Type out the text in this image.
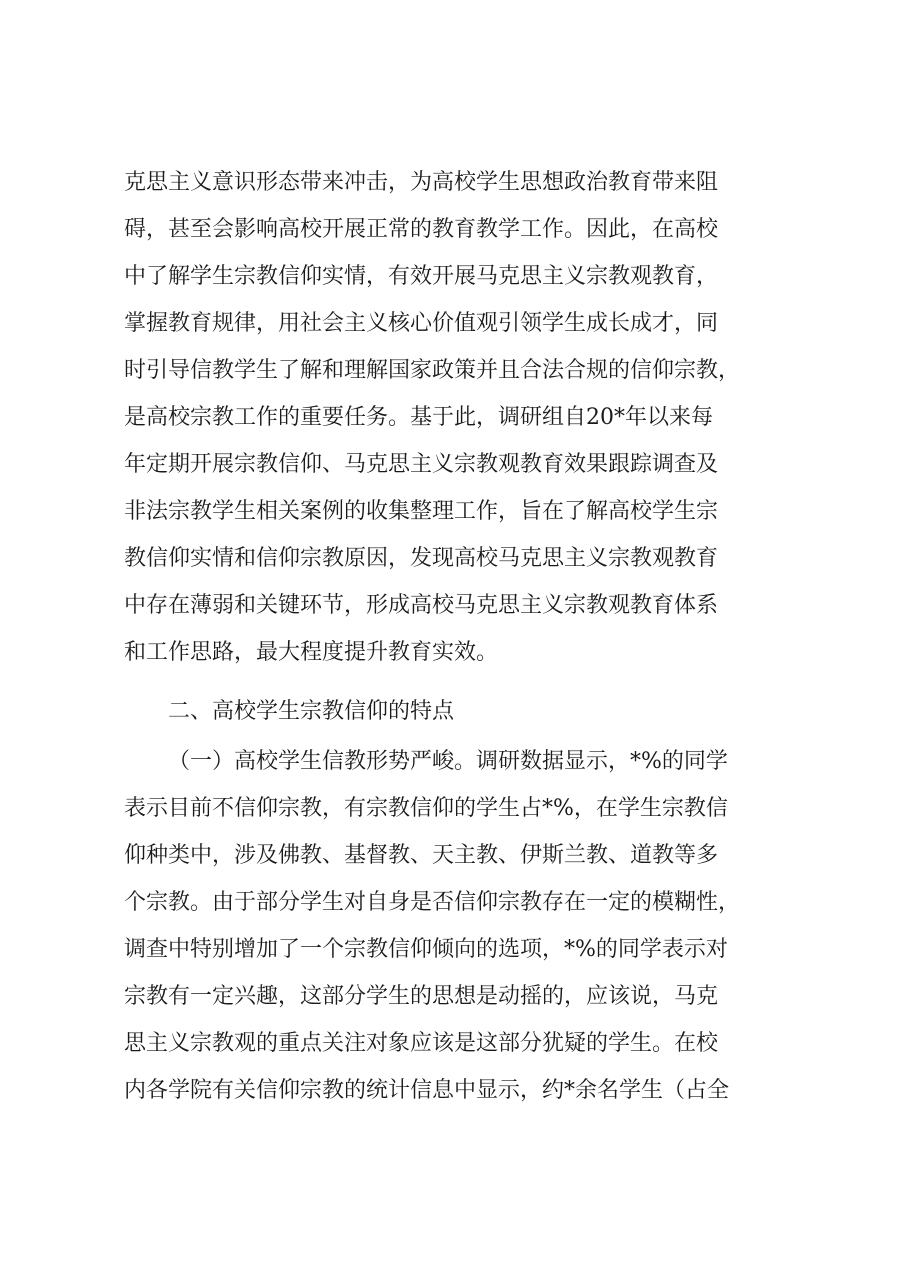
克思主义意识形态带来冲击，为高校学生思想政治教育带来阻
碍，甚至会影响高校开展正常的教育教学工作。因此，在高校
中了解学生宗教信仰实情，有效开展马克思主义宗教观教育，
掌握教育规律，用社会主义核心价值观引领学生成长成才，同
时引导信教学生了解和理解国家政策并且合法合规的信仰宗教，
是高校宗教工作的重要任务。基于此，调研组自20*年以来每
年定期开展宗教信仰、马克思主义宗教观教育效果跟踪调查及
非法宗教学生相关案例的收集整理工作，旨在了解高校学生宗
教信仰实情和信仰宗教原因，发现高校马克思主义宗教观教育
中存在薄弱和关键环节，形成高校马克思主义宗教观教育体系
和工作思路，最大程度提升教育实效。
二、高校学生宗教信仰的特点
（一）高校学生信教形势严峻。调研数据显示，*%的同学
表示目前不信仰宗教，有宗教信仰的学生占*%，在学生宗教信
仰种类中，涉及佛教、基督教、天主教、伊斯兰教、道教等多
个宗教。由于部分学生对自身是否信仰宗教存在一定的模糊性，
调查中特别增加了一个宗教信仰倾向的选项，*%的同学表示对
宗教有一定兴趣，这部分学生的思想是动摇的，应该说，马克
思主义宗教观的重点关注对象应该是这部分犹疑的学生。在校
内各学院有关信仰宗教的统计信息中显示，约*余名学生（占全
